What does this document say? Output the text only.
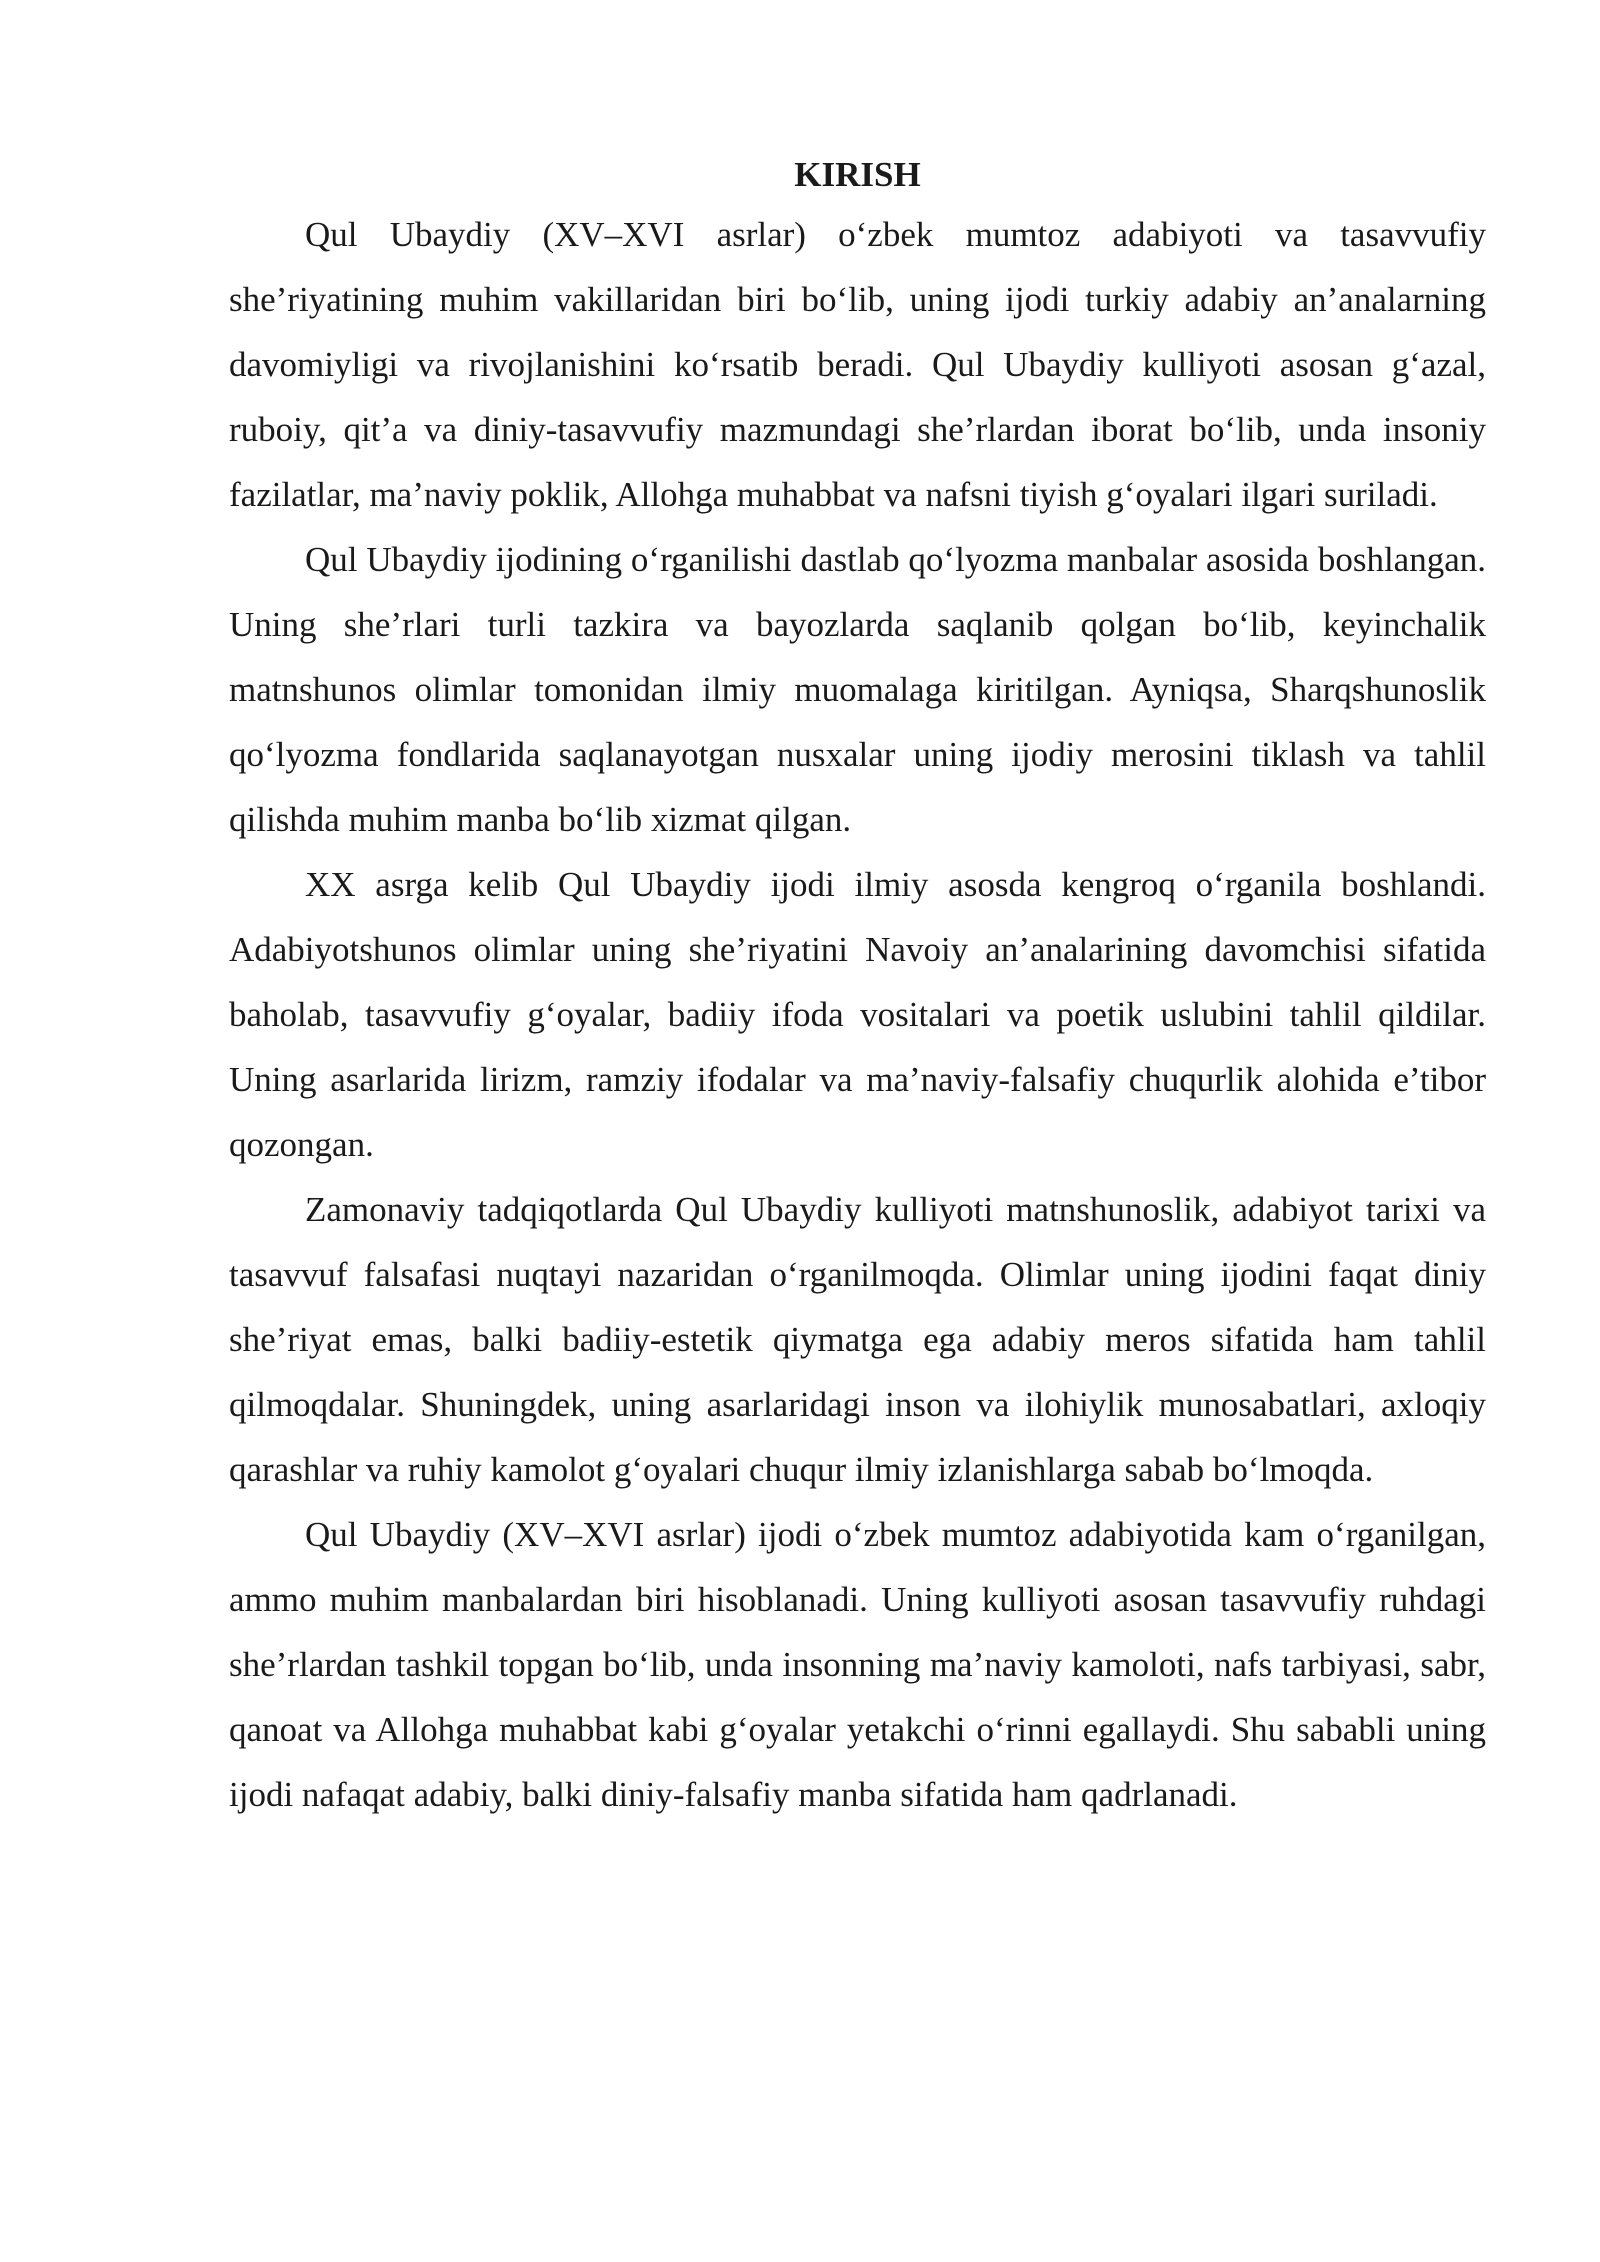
KIRISH

Qul Ubaydiy (XV–XVI asrlar) o‘zbek mumtoz adabiyoti va tasavvufiy she’riyatining muhim vakillaridan biri bo‘lib, uning ijodi turkiy adabiy an’analarning davomiyligi va rivojlanishini ko‘rsatib beradi. Qul Ubaydiy kulliyoti asosan g‘azal, ruboiy, qit’a va diniy-tasavvufiy mazmundagi she’rlardan iborat bo‘lib, unda insoniy fazilatlar, ma’naviy poklik, Allohga muhabbat va nafsni tiyish g‘oyalari ilgari suriladi.

Qul Ubaydiy ijodining o‘rganilishi dastlab qo‘lyozma manbalar asosida boshlangan. Uning she’rlari turli tazkira va bayozlarda saqlanib qolgan bo‘lib, keyinchalik matnshunos olimlar tomonidan ilmiy muomalaga kiritilgan. Ayniqsa, Sharqshunoslik qo‘lyozma fondlarida saqlanayotgan nusxalar uning ijodiy merosini tiklash va tahlil qilishda muhim manba bo‘lib xizmat qilgan.

XX asrga kelib Qul Ubaydiy ijodi ilmiy asosda kengroq o‘rganila boshlandi. Adabiyotshunos olimlar uning she’riyatini Navoiy an’analarining davomchisi sifatida baholab, tasavvufiy g‘oyalar, badiiy ifoda vositalari va poetik uslubini tahlil qildilar. Uning asarlarida lirizm, ramziy ifodalar va ma’naviy-falsafiy chuqurlik alohida e’tibor qozongan.

Zamonaviy tadqiqotlarda Qul Ubaydiy kulliyoti matnshunoslik, adabiyot tarixi va tasavvuf falsafasi nuqtayi nazaridan o‘rganilmoqda. Olimlar uning ijodini faqat diniy she’riyat emas, balki badiiy-estetik qiymatga ega adabiy meros sifatida ham tahlil qilmoqdalar. Shuningdek, uning asarlaridagi inson va ilohiylik munosabatlari, axloqiy qarashlar va ruhiy kamolot g‘oyalari chuqur ilmiy izlanishlarga sabab bo‘lmoqda.

Qul Ubaydiy (XV–XVI asrlar) ijodi o‘zbek mumtoz adabiyotida kam o‘rganilgan, ammo muhim manbalardan biri hisoblanadi. Uning kulliyoti asosan tasavvufiy ruhdagi she’rlardan tashkil topgan bo‘lib, unda insonning ma’naviy kamoloti, nafs tarbiyasi, sabr, qanoat va Allohga muhabbat kabi g‘oyalar yetakchi o‘rinni egallaydi. Shu sababli uning ijodi nafaqat adabiy, balki diniy-falsafiy manba sifatida ham qadrlanadi.
